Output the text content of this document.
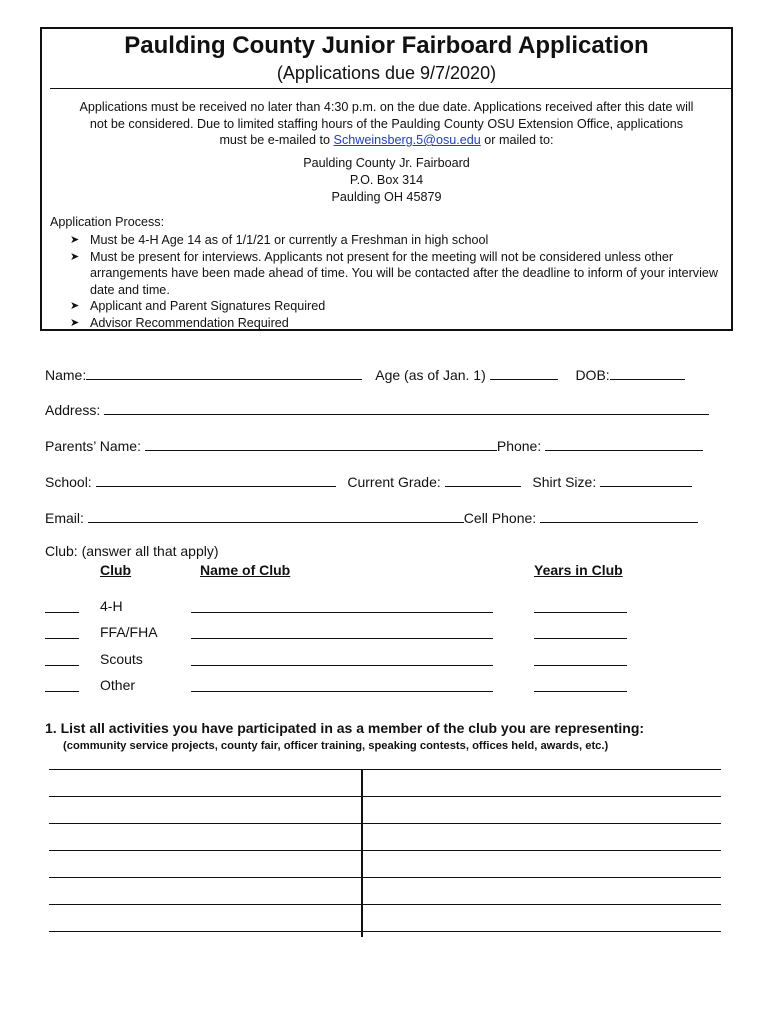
Paulding County Junior Fairboard Application
(Applications due 9/7/2020)
Applications must be received no later than 4:30 p.m. on the due date. Applications received after this date will
not be considered. Due to limited staffing hours of the Paulding County OSU Extension Office, applications
must be e-mailed to Schweinsberg.5@osu.edu or mailed to:
Paulding County Jr. Fairboard
P.O. Box 314
Paulding OH 45879
Application Process:
➤ Must be 4-H Age 14 as of 1/1/21 or currently a Freshman in high school
➤ Must be present for interviews. Applicants not present for the meeting will not be considered unless other arrangements have been made ahead of time. You will be contacted after the deadline to inform of your interview date and time.
➤ Applicant and Parent Signatures Required
➤ Advisor Recommendation Required
Name:	Age (as of Jan. 1)	DOB:
Address:
Parents’ Name:	Phone:
School:	Current Grade:	Shirt Size:
Email:	Cell Phone:
Club: (answer all that apply)
Club	Name of Club	Years in Club
4-H
FFA/FHA
Scouts
Other
1. List all activities you have participated in as a member of the club you are representing:
(community service projects, county fair, officer training, speaking contests, offices held, awards, etc.)
